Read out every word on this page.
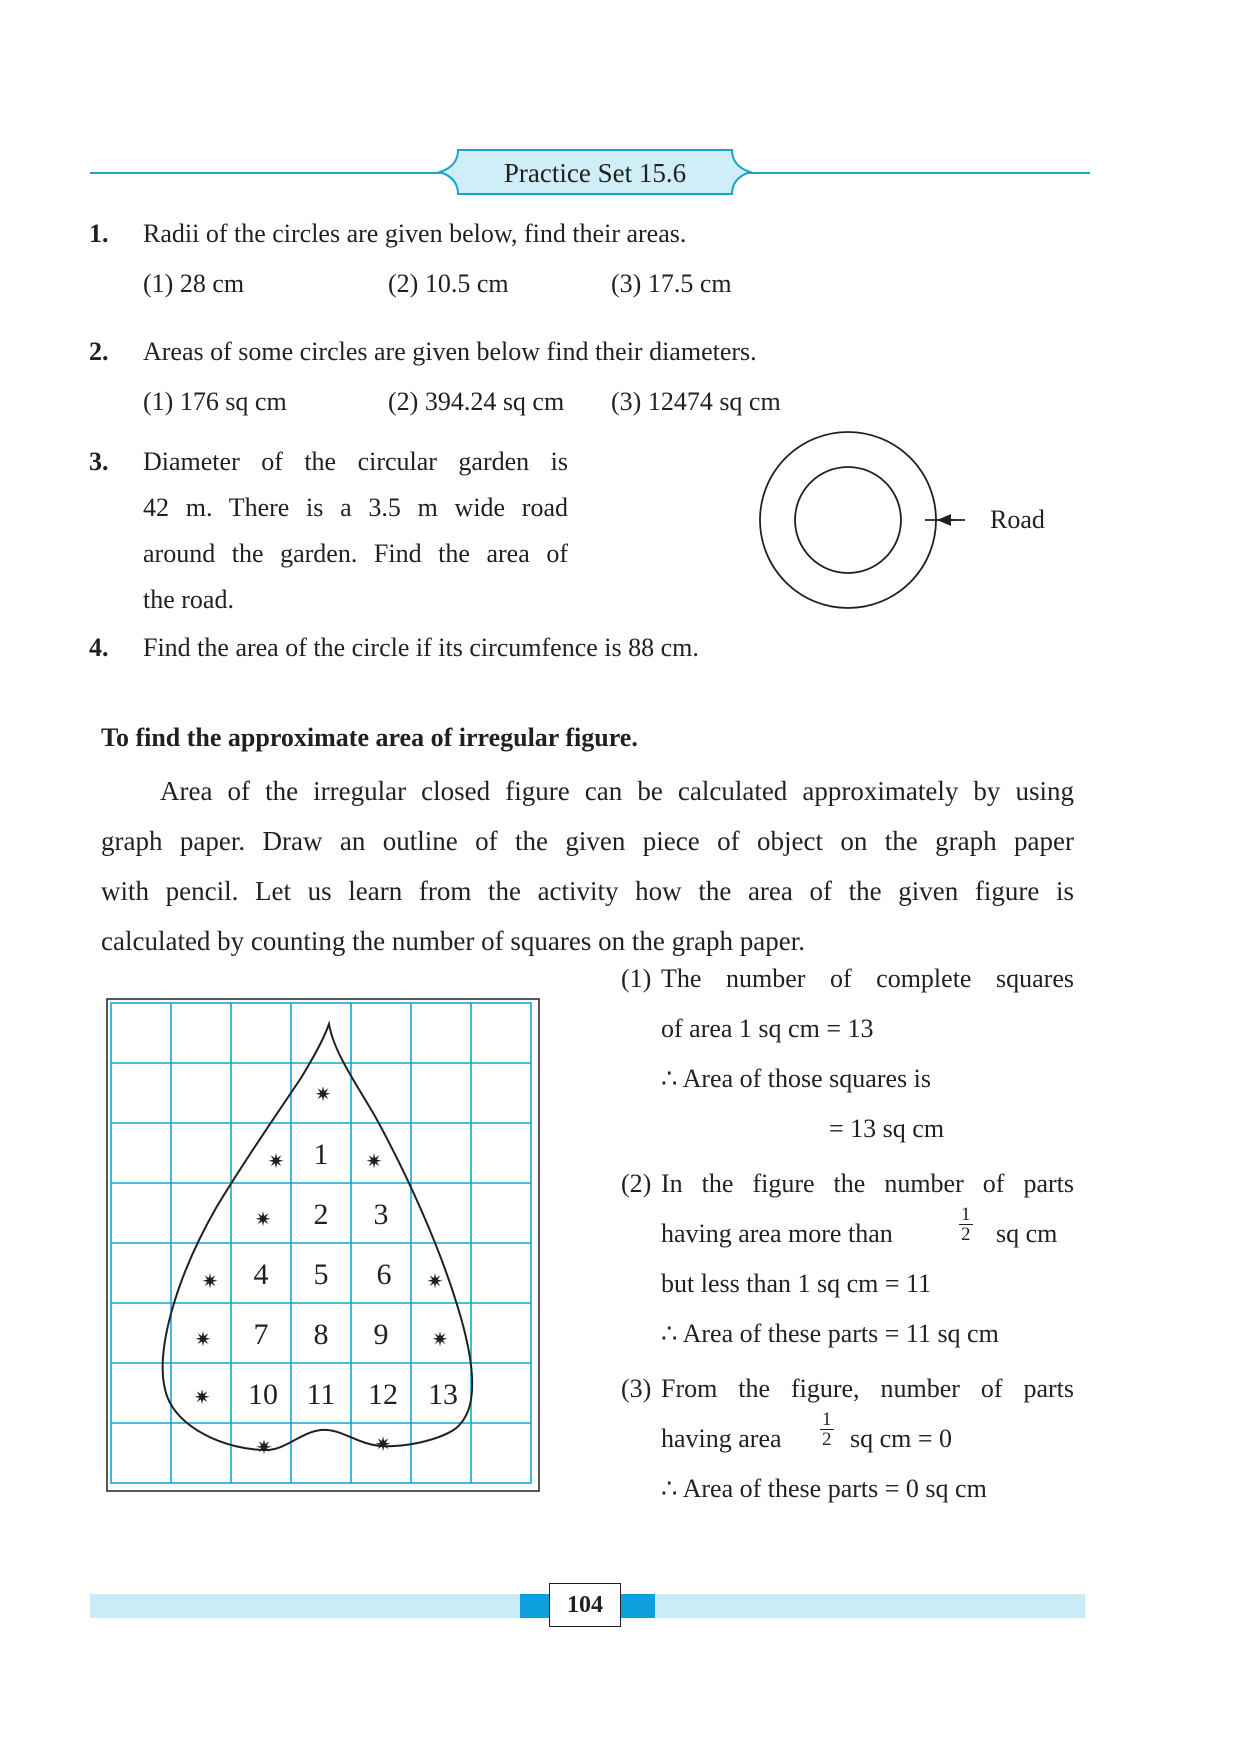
Practice Set 15.6
1. Radii of the circles are given below, find their areas.
(1) 28 cm	(2) 10.5 cm	(3) 17.5 cm
2. Areas of some circles are given below find their diameters.
(1) 176 sq cm	(2) 394.24 sq cm (3) 12474 sq cm
3. Diameter of the circular garden is
42 m. There is a 3.5 m wide road
around the garden. Find the area of
the road.
Road
4. Find the area of the circle if its circumfence is 88 cm.
To find the approximate area of irregular figure.
Area of the irregular closed figure can be calculated approximately by using
graph paper. Draw an outline of the given piece of object on the graph paper
with pencil. Let us learn from the activity how the area of the given figure is
calculated by counting the number of squares on the graph paper.
1
2 3
4 5 6
7 8 9
10 11 12 13
✷
✷	✷
✷
✷	✷
✷	✷
✷
✷	✷
(1) The number of complete squares
of area 1 sq cm = 13
∴ Area of those squares is
= 13 sq cm
(2) In the figure the number of parts
having area more than	$\frac{1}{2}$ sq cm
but less than 1 sq cm = 11
∴ Area of these parts = 11 sq cm
(3) From the figure, number of parts
having area $\frac{1}{2}$ sq cm = 0
∴ Area of these parts = 0 sq cm
104
